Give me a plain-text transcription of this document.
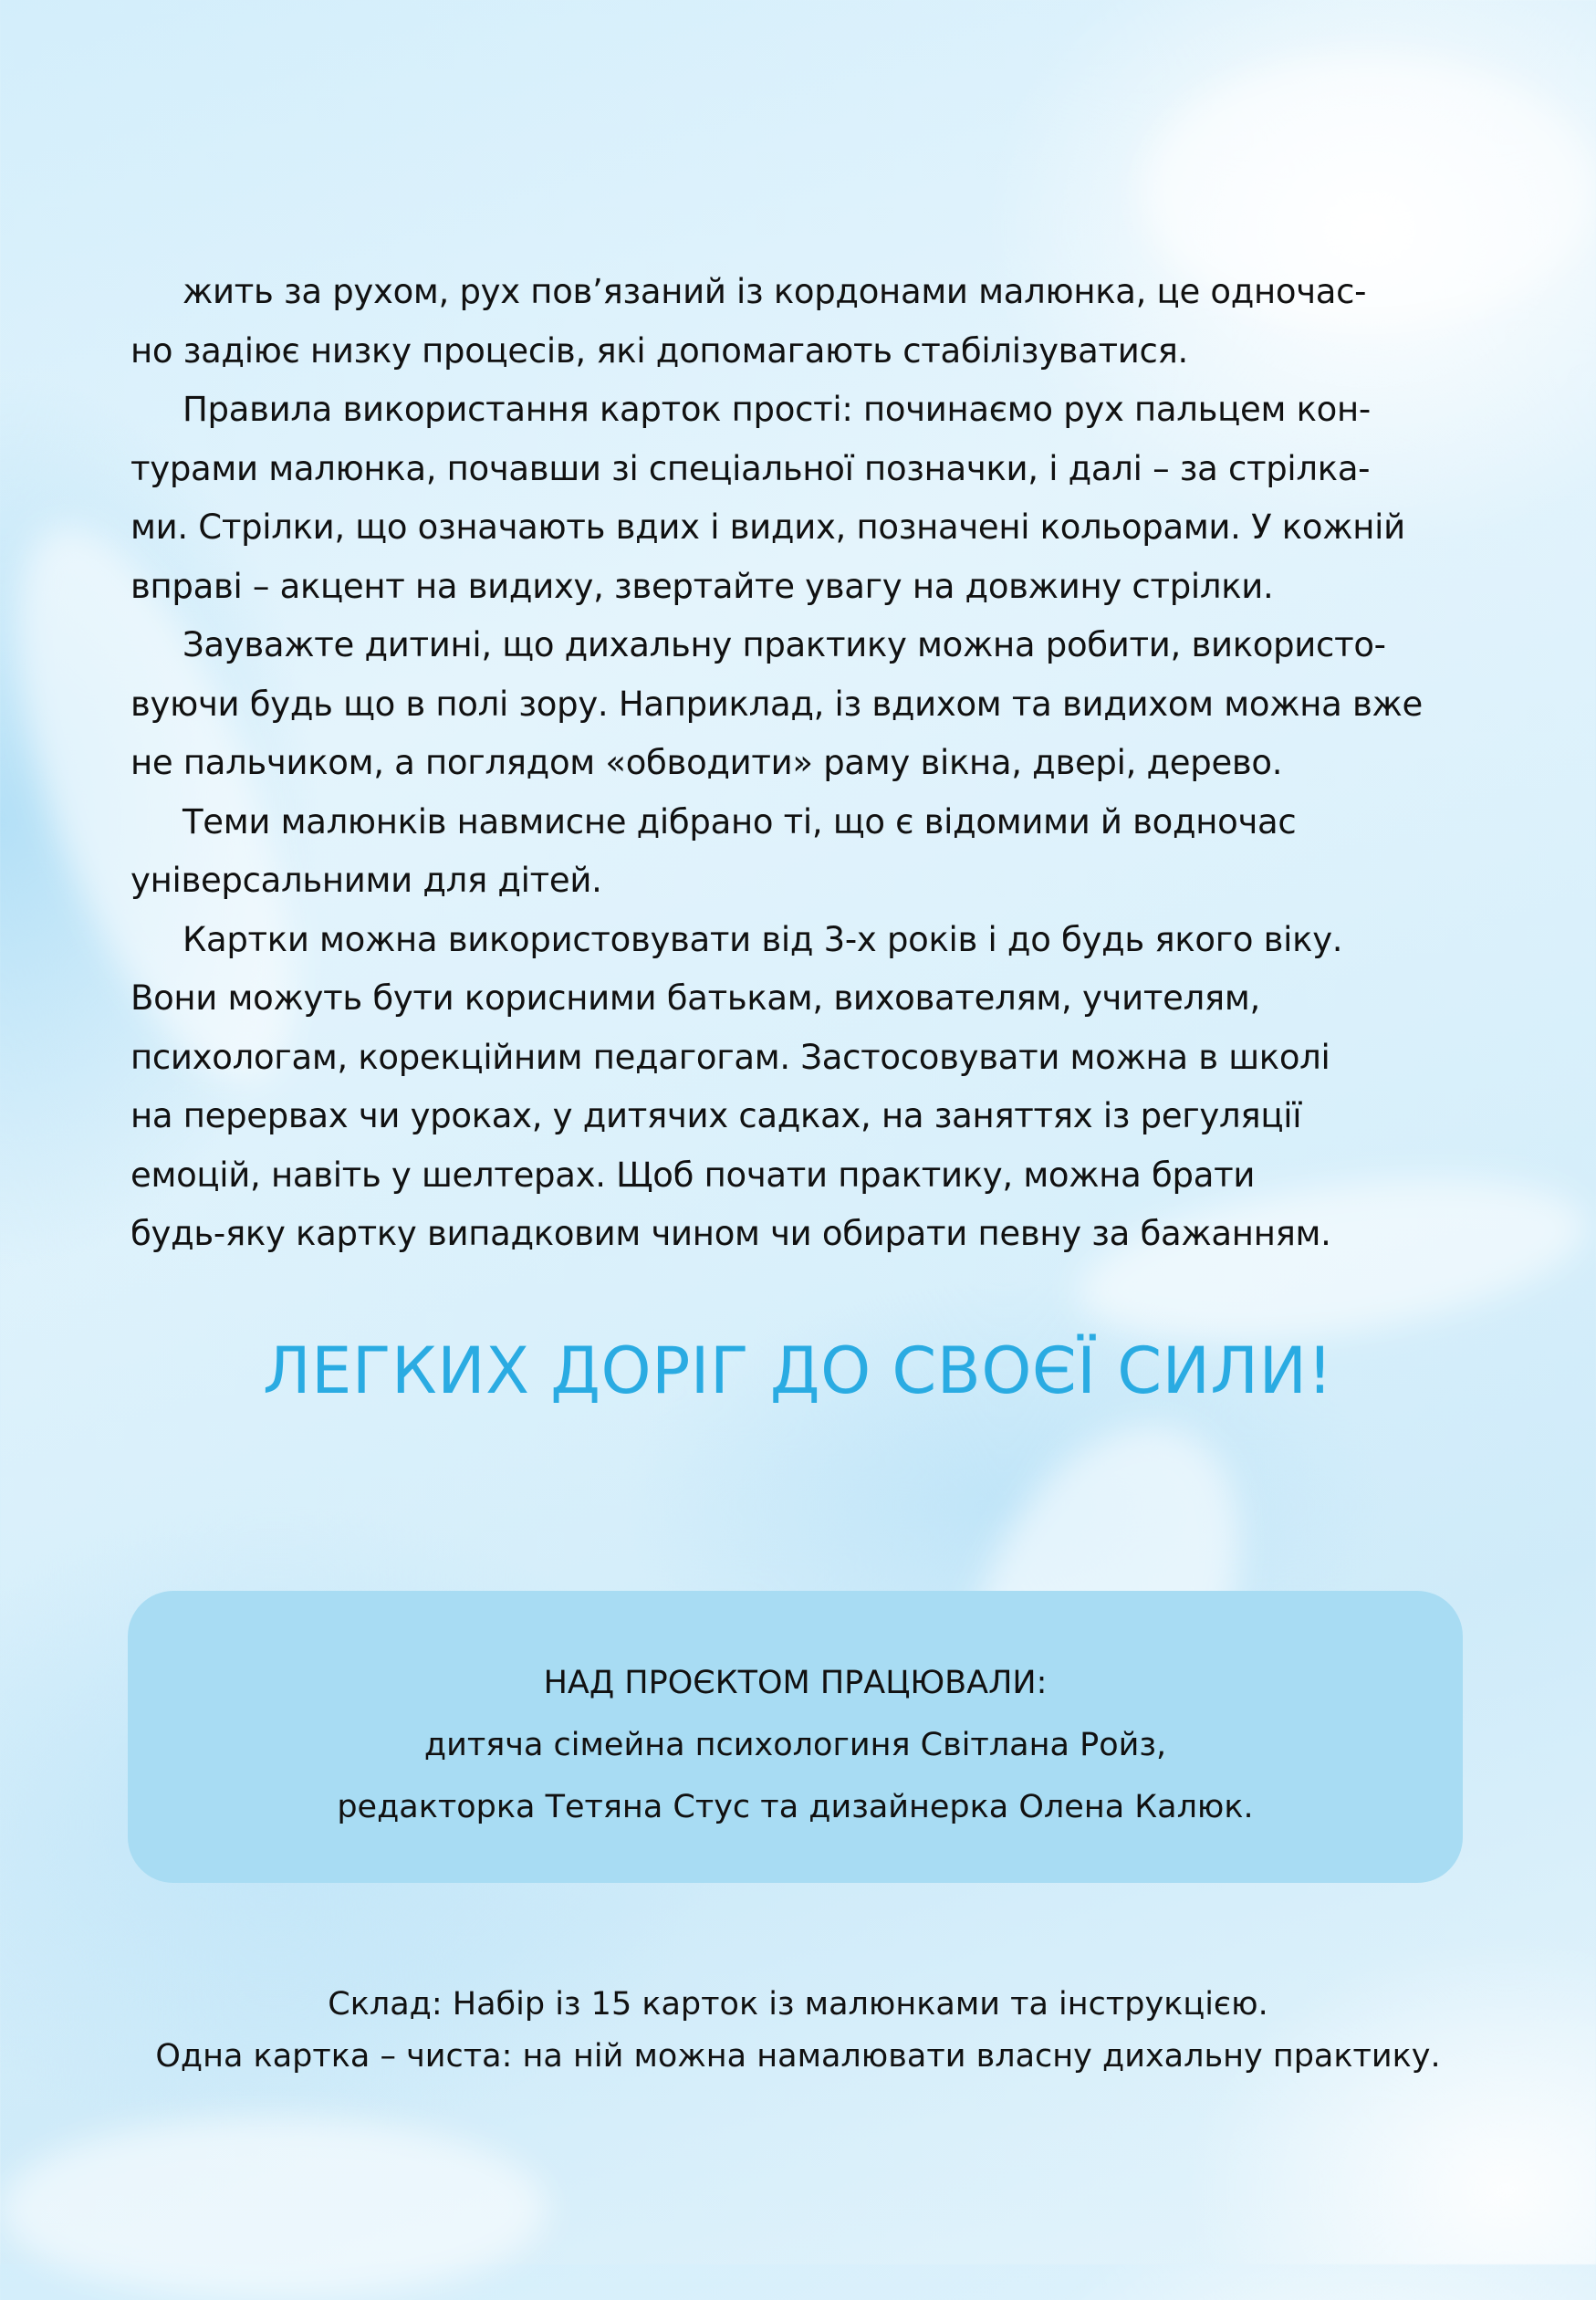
жить за рухом, рух пов’язаний із кордонами малюнка, це одночас-
но задіює низку процесів, які допомагають стабілізуватися.
Правила використання карток прості: починаємо рух пальцем кон-
турами малюнка, почавши зі спеціальної позначки, і далі – за стрілка-
ми. Стрілки, що означають вдих і видих, позначені кольорами. У кожній
вправі – акцент на видиху, звертайте увагу на довжину стрілки.
Зауважте дитині, що дихальну практику можна робити, використо-
вуючи будь що в полі зору. Наприклад, із вдихом та видихом можна вже
не пальчиком, а поглядом «обводити» раму вікна, двері, дерево.
Теми малюнків навмисне дібрано ті, що є відомими й водночас
універсальними для дітей.
Картки можна використовувати від 3-х років і до будь якого віку.
Вони можуть бути корисними батькам, вихователям, учителям,
психологам, корекційним педагогам. Застосовувати можна в школі
на перервах чи уроках, у дитячих садках, на заняттях із регуляції
емоцій, навіть у шелтерах. Щоб почати практику, можна брати
будь-яку картку випадковим чином чи обирати певну за бажанням.
ЛЕГКИХ ДОРІГ ДО СВОЄЇ СИЛИ!
НАД ПРОЄКТОМ ПРАЦЮВАЛИ:
дитяча сімейна психологиня Світлана Ройз,
редакторка Тетяна Стус та дизайнерка Олена Калюк.
Склад: Набір із 15 карток із малюнками та інструкцією.
Одна картка – чиста: на ній можна намалювати власну дихальну практику.
